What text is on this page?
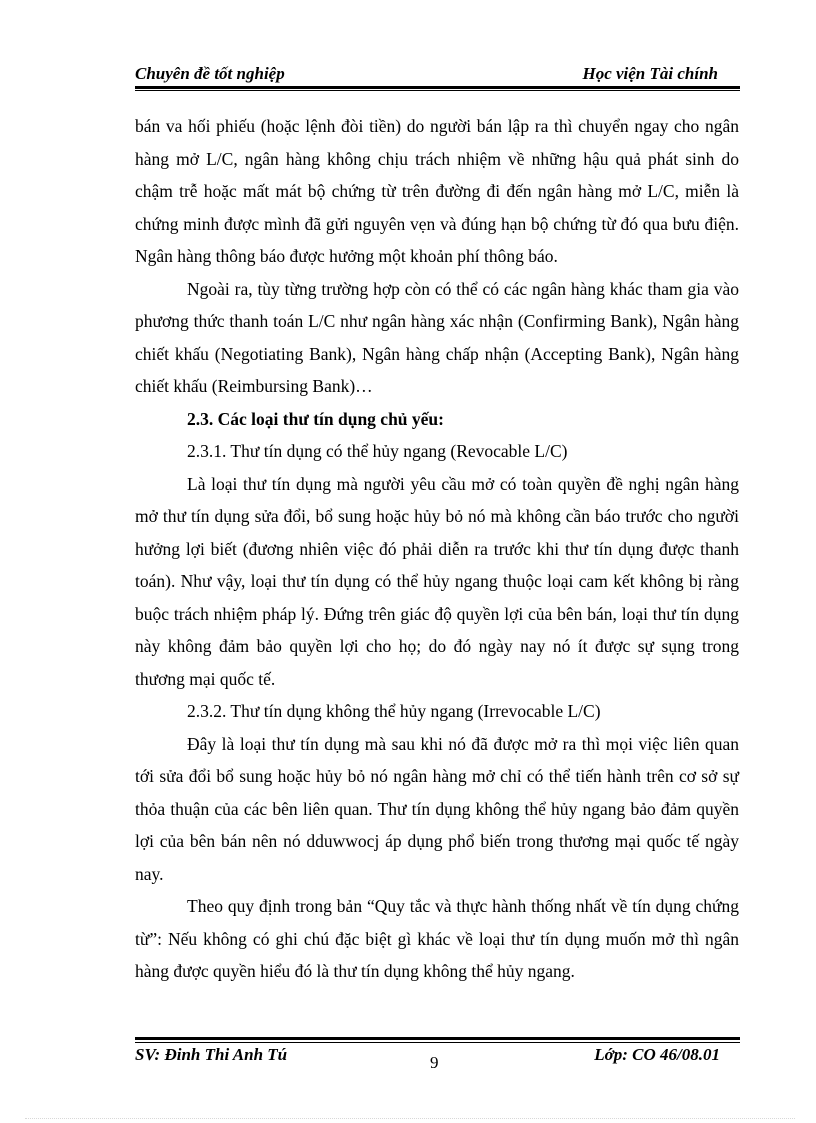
Chuyên đề tốt nghiệp	Học viện Tài chính

bán va hối phiếu (hoặc lệnh đòi tiền) do người bán lập ra thì chuyển ngay cho ngân hàng mở L/C, ngân hàng không chịu trách nhiệm về những hậu quả phát sinh do chậm trễ hoặc mất mát bộ chứng từ trên đường đi đến ngân hàng mở L/C, miễn là chứng minh được mình đã gửi nguyên vẹn và đúng hạn bộ chứng từ đó qua bưu điện. Ngân hàng thông báo được hưởng một khoản phí thông báo.

Ngoài ra, tùy từng trường hợp còn có thể có các ngân hàng khác tham gia vào phương thức thanh toán L/C như ngân hàng xác nhận (Confirming Bank), Ngân hàng chiết khấu (Negotiating Bank), Ngân hàng chấp nhận (Accepting Bank), Ngân hàng chiết khấu (Reimbursing Bank)…

2.3. Các loại thư tín dụng chủ yếu:

2.3.1. Thư tín dụng có thể hủy ngang (Revocable L/C)

Là loại thư tín dụng mà người yêu cầu mở có toàn quyền đề nghị ngân hàng mở thư tín dụng sửa đổi, bổ sung hoặc hủy bỏ nó mà không cần báo trước cho người hưởng lợi biết (đương nhiên việc đó phải diễn ra trước khi thư tín dụng được thanh toán). Như vậy, loại thư tín dụng có thể hủy ngang thuộc loại cam kết không bị ràng buộc trách nhiệm pháp lý. Đứng trên giác độ quyền lợi của bên bán, loại thư tín dụng này không đảm bảo quyền lợi cho họ; do đó ngày nay nó ít được sự sụng trong thương mại quốc tế.

2.3.2. Thư tín dụng không thể hủy ngang (Irrevocable L/C)

Đây là loại thư tín dụng mà sau khi nó đã được mở ra thì mọi việc liên quan tới sửa đổi bổ sung hoặc hủy bỏ nó ngân hàng mở chỉ có thể tiến hành trên cơ sở sự thỏa thuận của các bên liên quan. Thư tín dụng không thể hủy ngang bảo đảm quyền lợi của bên bán nên nó dduwwocj áp dụng phổ biến trong thương mại quốc tế ngày nay.

Theo quy định trong bản “Quy tắc và thực hành thống nhất về tín dụng chứng từ”: Nếu không có ghi chú đặc biệt gì khác về loại thư tín dụng muốn mở thì ngân hàng được quyền hiểu đó là thư tín dụng không thể hủy ngang.

SV: Đinh Thi Anh Tú	9	Lớp: CO 46/08.01
